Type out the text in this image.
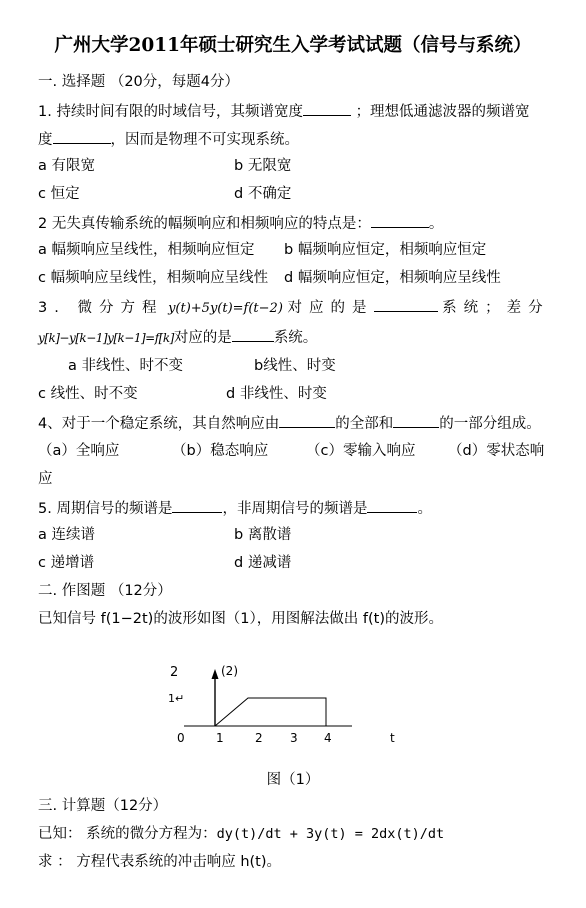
广州大学2011年硕士研究生入学考试试题（信号与系统）
一. 选择题 （20分，每题4分）
1. 持续时间有限的时域信号，其频谱宽度	；理想低通滤波器的频谱宽
度	，因而是物理不可实现系统。
a 有限宽	b 无限宽
c 恒定	d 不确定
2 无失真传输系统的幅频响应和相频响应的特点是：	。
a 幅频响应呈线性，相频响应恒定 b 幅频响应恒定，相频响应恒定
c 幅频响应呈线性，相频响应呈线性 d 幅频响应恒定，相频响应呈线性
3. 微分方程 y(t)+5y(t)=f(t−2) 对应的是	系统；差分
y[k]−y[k−1]y[k−1]=f[k]对应的是	系统。
a 非线性、时不变	b线性、时变
c 线性、时不变	d 非线性、时变
4、对于一个稳定系统，其自然响应由	的全部和	的一部分组成。
（a）全响应	（b）稳态响应	（c）零输入响应 （d）零状态响
应
5. 周期信号的频谱是	，非周期信号的频谱是	。
a 连续谱	b 离散谱
c 递增谱	d 递减谱
二. 作图题 （12分）
已知信号 f(1−2t)的波形如图（1），用图解法做出 f(t)的波形。
2
1↵
(2)
0	1	2 3 4	t
图（1）
三. 计算题（12分）
已知： 系统的微分方程为：dy(t)/dt + 3y(t) = 2dx(t)/dt
求 ： 方程代表系统的冲击响应 h(t)。
